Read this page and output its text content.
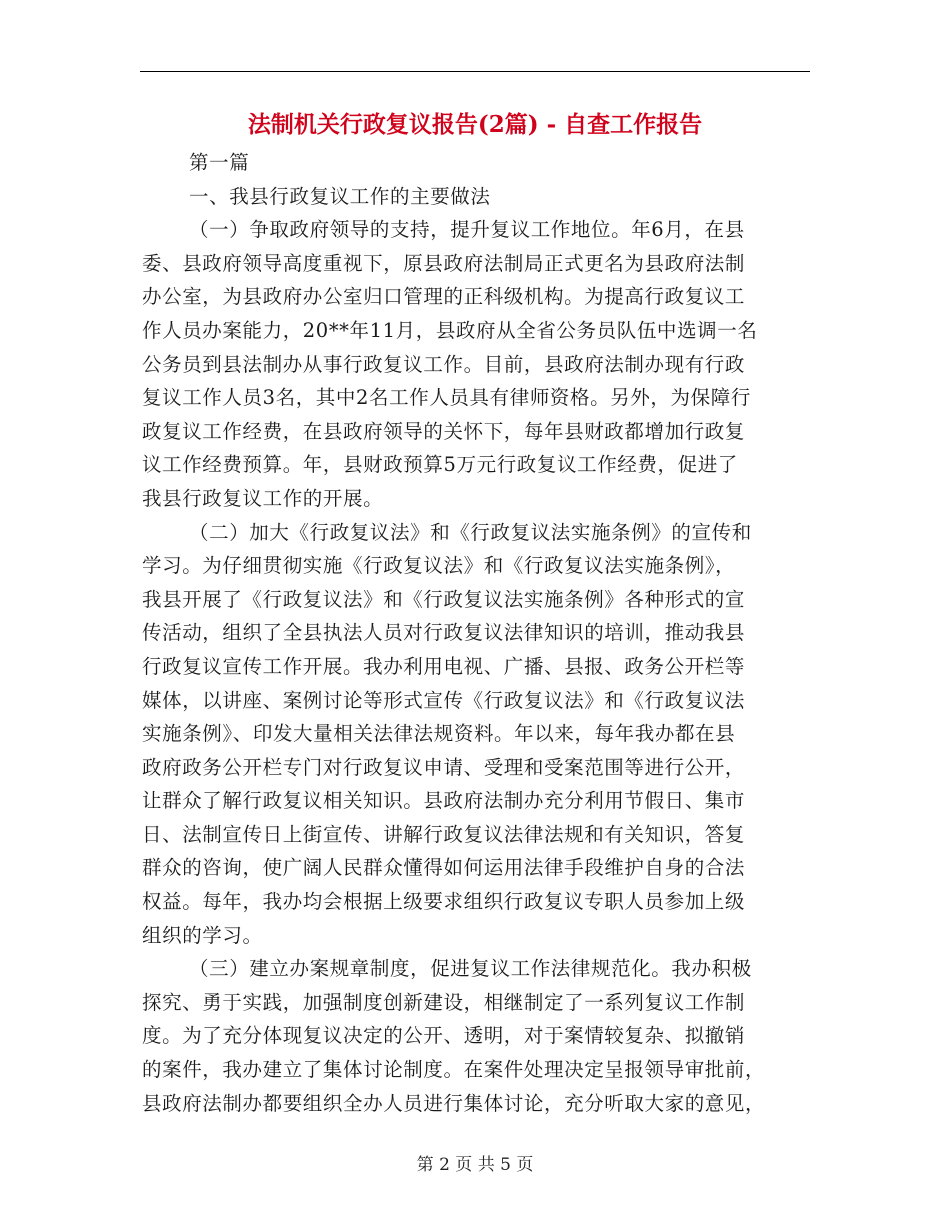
法制机关行政复议报告(2篇) - 自查工作报告
第一篇
一、我县行政复议工作的主要做法
（一）争取政府领导的支持，提升复议工作地位。年6月，在县
委、县政府领导高度重视下，原县政府法制局正式更名为县政府法制
办公室，为县政府办公室归口管理的正科级机构。为提高行政复议工
作人员办案能力，20**年11月，县政府从全省公务员队伍中选调一名
公务员到县法制办从事行政复议工作。目前，县政府法制办现有行政
复议工作人员3名，其中2名工作人员具有律师资格。另外，为保障行
政复议工作经费，在县政府领导的关怀下，每年县财政都增加行政复
议工作经费预算。年，县财政预算5万元行政复议工作经费，促进了
我县行政复议工作的开展。
（二）加大《行政复议法》和《行政复议法实施条例》的宣传和
学习。为仔细贯彻实施《行政复议法》和《行政复议法实施条例》，
我县开展了《行政复议法》和《行政复议法实施条例》各种形式的宣
传活动，组织了全县执法人员对行政复议法律知识的培训，推动我县
行政复议宣传工作开展。我办利用电视、广播、县报、政务公开栏等
媒体，以讲座、案例讨论等形式宣传《行政复议法》和《行政复议法
实施条例》、印发大量相关法律法规资料。年以来，每年我办都在县
政府政务公开栏专门对行政复议申请、受理和受案范围等进行公开，
让群众了解行政复议相关知识。县政府法制办充分利用节假日、集市
日、法制宣传日上街宣传、讲解行政复议法律法规和有关知识，答复
群众的咨询，使广阔人民群众懂得如何运用法律手段维护自身的合法
权益。每年，我办均会根据上级要求组织行政复议专职人员参加上级
组织的学习。
（三）建立办案规章制度，促进复议工作法律规范化。我办积极
探究、勇于实践，加强制度创新建设，相继制定了一系列复议工作制
度。为了充分体现复议决定的公开、透明，对于案情较复杂、拟撤销
的案件，我办建立了集体讨论制度。在案件处理决定呈报领导审批前，
县政府法制办都要组织全办人员进行集体讨论，充分听取大家的意见，
第 2 页 共 5 页
